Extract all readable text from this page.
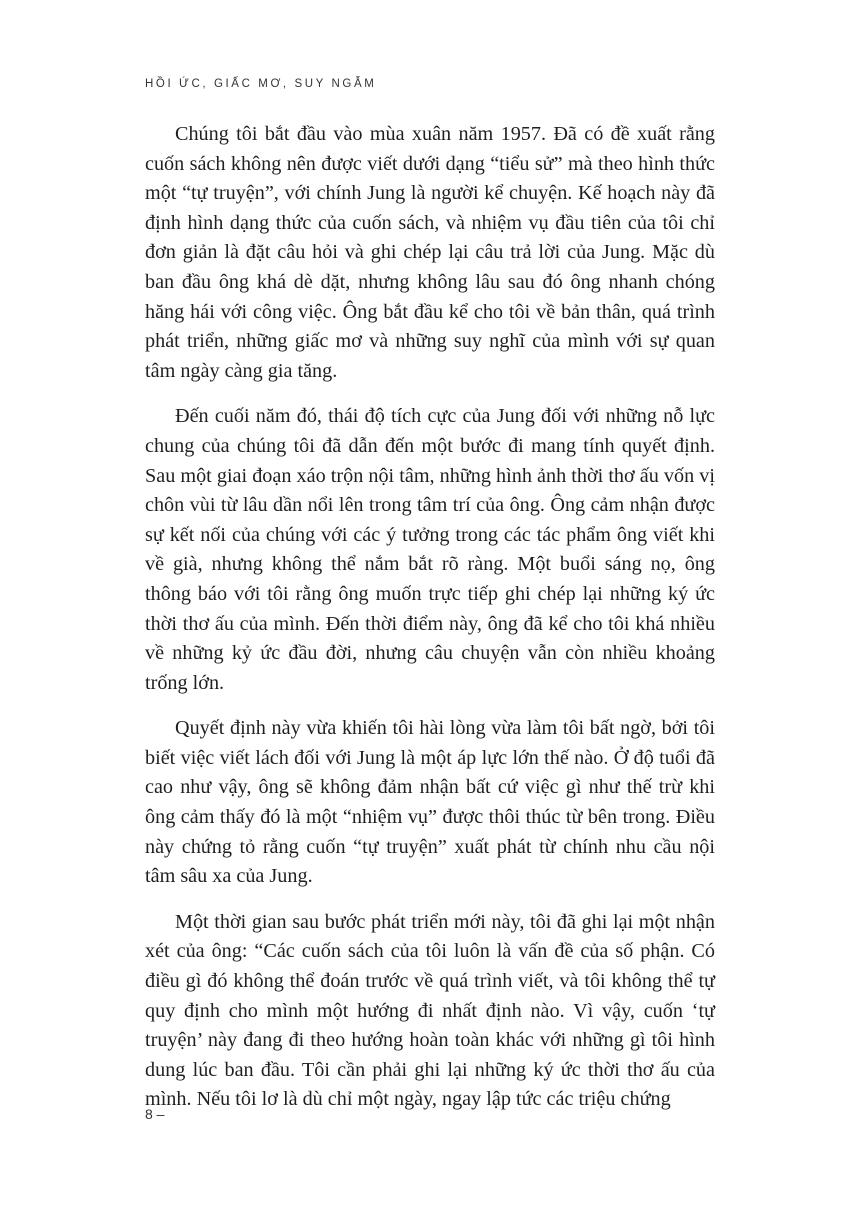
HỒI ỨC, GIẤC MƠ, SUY NGẪM

Chúng tôi bắt đầu vào mùa xuân năm 1957. Đã có đề xuất rằng cuốn sách không nên được viết dưới dạng “tiểu sử” mà theo hình thức một “tự truyện”, với chính Jung là người kể chuyện. Kế hoạch này đã định hình dạng thức của cuốn sách, và nhiệm vụ đầu tiên của tôi chỉ đơn giản là đặt câu hỏi và ghi chép lại câu trả lời của Jung. Mặc dù ban đầu ông khá dè dặt, nhưng không lâu sau đó ông nhanh chóng hăng hái với công việc. Ông bắt đầu kể cho tôi về bản thân, quá trình phát triển, những giấc mơ và những suy nghĩ của mình với sự quan tâm ngày càng gia tăng.

Đến cuối năm đó, thái độ tích cực của Jung đối với những nỗ lực chung của chúng tôi đã dẫn đến một bước đi mang tính quyết định. Sau một giai đoạn xáo trộn nội tâm, những hình ảnh thời thơ ấu vốn vị chôn vùi từ lâu dần nổi lên trong tâm trí của ông. Ông cảm nhận được sự kết nối của chúng với các ý tưởng trong các tác phẩm ông viết khi về già, nhưng không thể nắm bắt rõ ràng. Một buổi sáng nọ, ông thông báo với tôi rằng ông muốn trực tiếp ghi chép lại những ký ức thời thơ ấu của mình. Đến thời điểm này, ông đã kể cho tôi khá nhiều về những kỷ ức đầu đời, nhưng câu chuyện vẫn còn nhiều khoảng trống lớn.

Quyết định này vừa khiến tôi hài lòng vừa làm tôi bất ngờ, bởi tôi biết việc viết lách đối với Jung là một áp lực lớn thế nào. Ở độ tuổi đã cao như vậy, ông sẽ không đảm nhận bất cứ việc gì như thế trừ khi ông cảm thấy đó là một “nhiệm vụ” được thôi thúc từ bên trong. Điều này chứng tỏ rằng cuốn “tự truyện” xuất phát từ chính nhu cầu nội tâm sâu xa của Jung.

Một thời gian sau bước phát triển mới này, tôi đã ghi lại một nhận xét của ông: “Các cuốn sách của tôi luôn là vấn đề của số phận. Có điều gì đó không thể đoán trước về quá trình viết, và tôi không thể tự quy định cho mình một hướng đi nhất định nào. Vì vậy, cuốn ‘tự truyện’ này đang đi theo hướng hoàn toàn khác với những gì tôi hình dung lúc ban đầu. Tôi cần phải ghi lại những ký ức thời thơ ấu của mình. Nếu tôi lơ là dù chỉ một ngày, ngay lập tức các triệu chứng

8 –
